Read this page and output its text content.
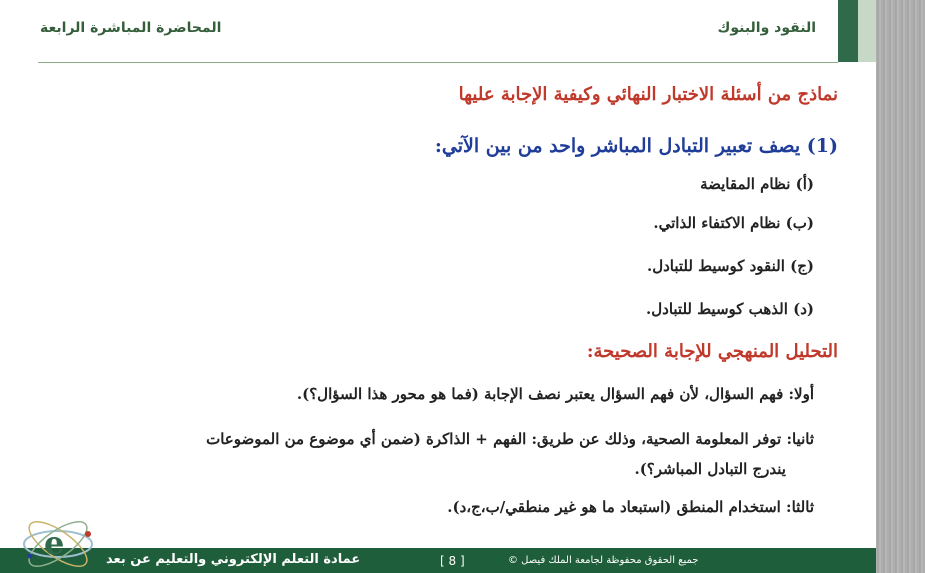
النقود والبنوك
المحاضرة المباشرة الرابعة
نماذج من أسئلة الاختبار النهائي وكيفية الإجابة عليها
(1) يصف تعبير التبادل المباشر واحد من بين الآتي:
(أ) نظام المقايضة
(ب) نظام الاكتفاء الذاتي.
(ج) النقود كوسيط للتبادل.
(د) الذهب كوسيط للتبادل.
التحليل المنهجي للإجابة الصحيحة:
أولا: فهم السؤال، لأن فهم السؤال يعتبر نصف الإجابة (فما هو محور هذا السؤال؟).
ثانيا: توفر المعلومة الصحية، وذلك عن طريق: الفهم + الذاكرة (ضمن أي موضوع من الموضوعات
يندرج التبادل المباشر؟).
ثالثا: استخدام المنطق (استبعاد ما هو غير منطقي/ب،ج،د).
جميع الحقوق محفوظة لجامعة الملك فيصل ©
[ 8 ]
عمادة التعلم الإلكتروني والتعليم عن بعد
e
